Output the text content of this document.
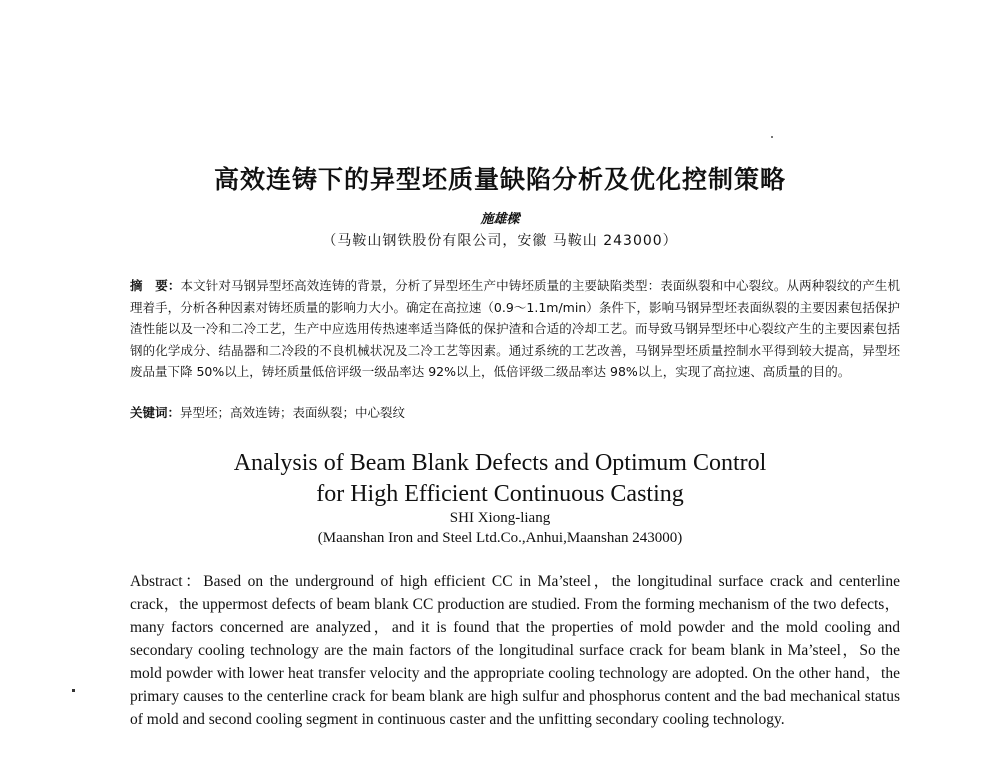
高效连铸下的异型坯质量缺陷分析及优化控制策略
施雄樑
（马鞍山钢铁股份有限公司，安徽 马鞍山 243000）
摘　要：本文针对马钢异型坯高效连铸的背景，分析了异型坯生产中铸坯质量的主要缺陷类型：表面纵裂和中心裂纹。从两种裂纹的产生机理着手，分析各种因素对铸坯质量的影响力大小。确定在高拉速（0.9～1.1m/min）条件下，影响马钢异型坯表面纵裂的主要因素包括保护渣性能以及一冷和二冷工艺，生产中应选用传热速率适当降低的保护渣和合适的冷却工艺。而导致马钢异型坯中心裂纹产生的主要因素包括钢的化学成分、结晶器和二冷段的不良机械状况及二冷工艺等因素。通过系统的工艺改善，马钢异型坯质量控制水平得到较大提高，异型坯废品量下降 50%以上，铸坯质量低倍评级一级品率达 92%以上，低倍评级二级品率达 98%以上，实现了高拉速、高质量的目的。
关键词：异型坯；高效连铸；表面纵裂；中心裂纹
Analysis of Beam Blank Defects and Optimum Control
for High Efficient Continuous Casting
SHI Xiong-liang
(Maanshan Iron and Steel Ltd.Co.,Anhui,Maanshan 243000)
Abstract：Based on the underground of high efficient CC in Ma’steel，the longitudinal surface crack and centerline crack，the uppermost defects of beam blank CC production are studied. From the forming mechanism of the two defects，many factors concerned are analyzed，and it is found that the properties of mold powder and the mold cooling and secondary cooling technology are the main factors of the longitudinal surface crack for beam blank in Ma’steel，So the mold powder with lower heat transfer velocity and the appropriate cooling technology are adopted. On the other hand，the primary causes to the centerline crack for beam blank are high sulfur and phosphorus content and the bad mechanical status of mold and second cooling segment in continuous caster and the unfitting secondary cooling technology.
